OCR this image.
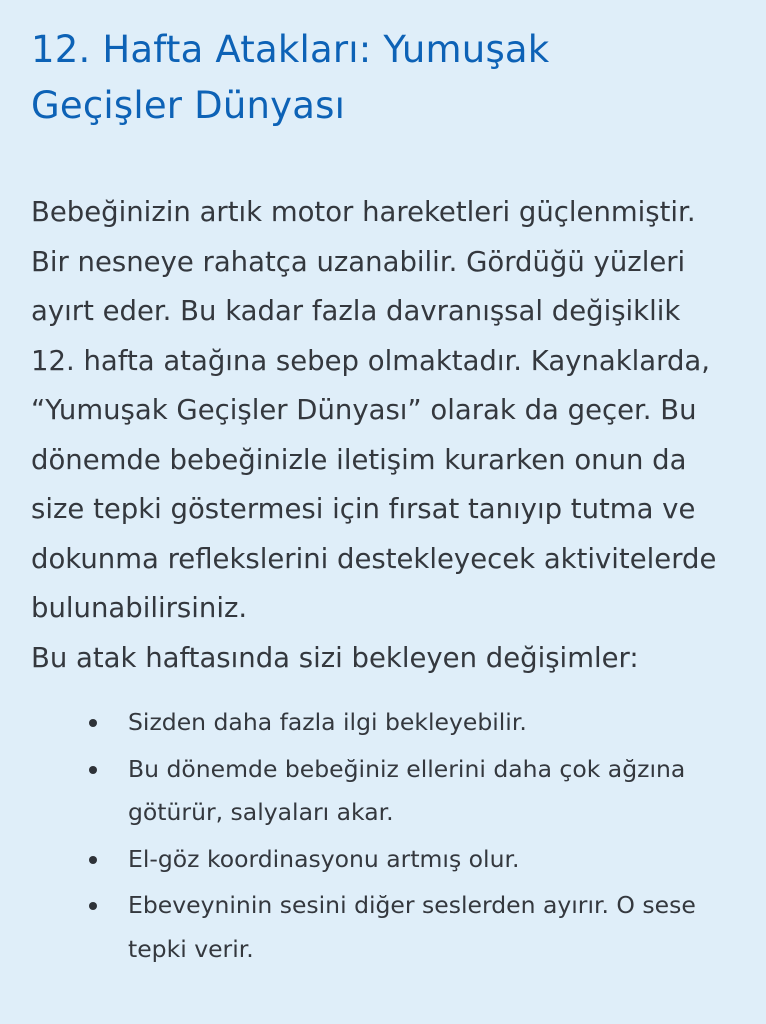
12. Hafta Atakları: Yumuşak
Geçişler Dünyası

Bebeğinizin artık motor hareketleri güçlenmiştir. Bir nesneye rahatça uzanabilir. Gördüğü yüzleri ayırt eder. Bu kadar fazla davranışsal değişiklik 12. hafta atağına sebep olmaktadır. Kaynaklarda, “Yumuşak Geçişler Dünyası” olarak da geçer. Bu dönemde bebeğinizle iletişim kurarken onun da size tepki göstermesi için fırsat tanıyıp tutma ve dokunma reflekslerini destekleyecek aktivitelerde bulunabilirsiniz.

Bu atak haftasında sizi bekleyen değişimler:

Sizden daha fazla ilgi bekleyebilir.
Bu dönemde bebeğiniz ellerini daha çok ağzına
götürür, salyaları akar.
El-göz koordinasyonu artmış olur.
Ebeveyninin sesini diğer seslerden ayırır. O sese
tepki verir.
